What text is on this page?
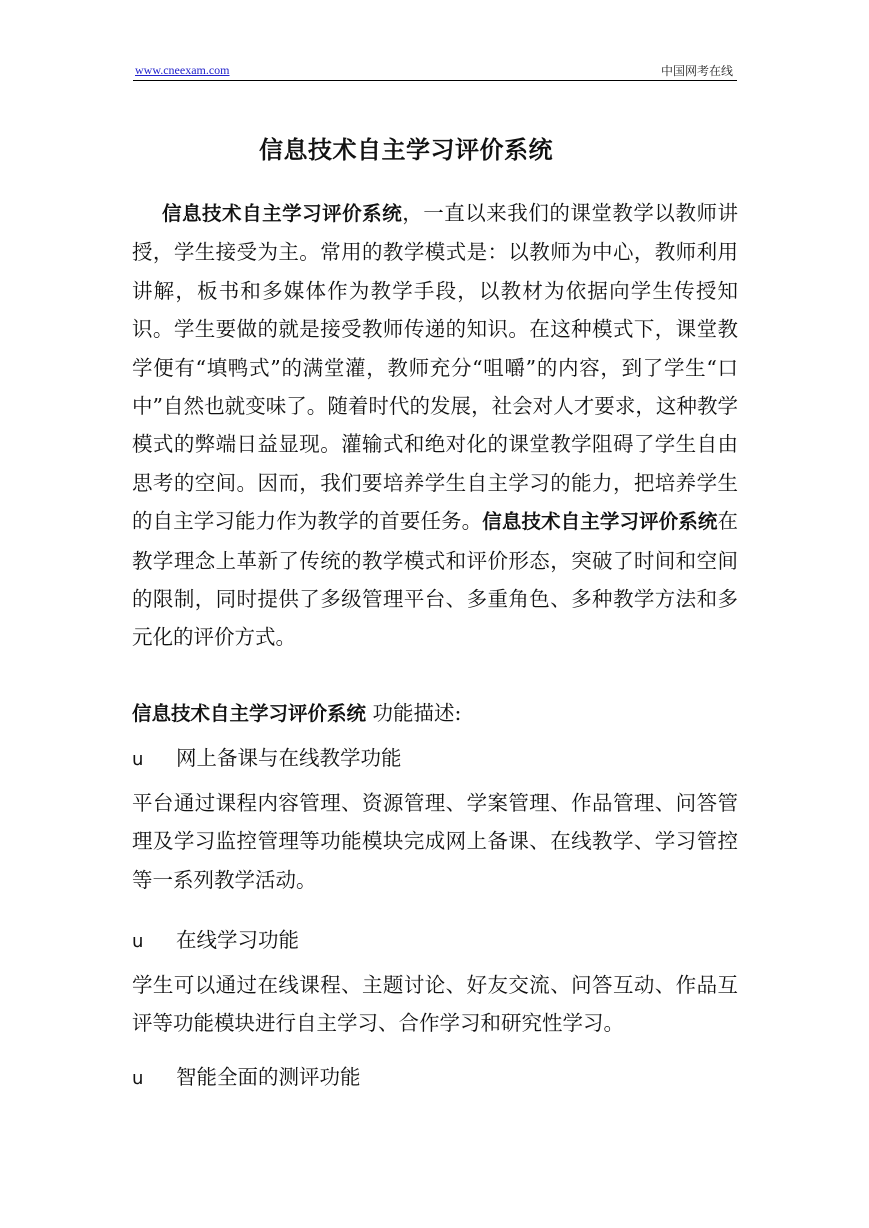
www.cneexam.com	中国网考在线
信息技术自主学习评价系统
信息技术自主学习评价系统，一直以来我们的课堂教学以教师讲授，学生接受为主。常用的教学模式是：以教师为中心，教师利用讲解，板书和多媒体作为教学手段，以教材为依据向学生传授知识。学生要做的就是接受教师传递的知识。在这种模式下，课堂教学便有“填鸭式”的满堂灌，教师充分“咀嚼”的内容，到了学生“口中”自然也就变味了。随着时代的发展，社会对人才要求，这种教学模式的弊端日益显现。灌输式和绝对化的课堂教学阻碍了学生自由思考的空间。因而，我们要培养学生自主学习的能力，把培养学生的自主学习能力作为教学的首要任务。信息技术自主学习评价系统在教学理念上革新了传统的教学模式和评价形态，突破了时间和空间的限制，同时提供了多级管理平台、多重角色、多种教学方法和多元化的评价方式。
信息技术自主学习评价系统 功能描述:
u 网上备课与在线教学功能
平台通过课程内容管理、资源管理、学案管理、作品管理、问答管理及学习监控管理等功能模块完成网上备课、在线教学、学习管控等一系列教学活动。
u 在线学习功能
学生可以通过在线课程、主题讨论、好友交流、问答互动、作品互评等功能模块进行自主学习、合作学习和研究性学习。
u 智能全面的测评功能
